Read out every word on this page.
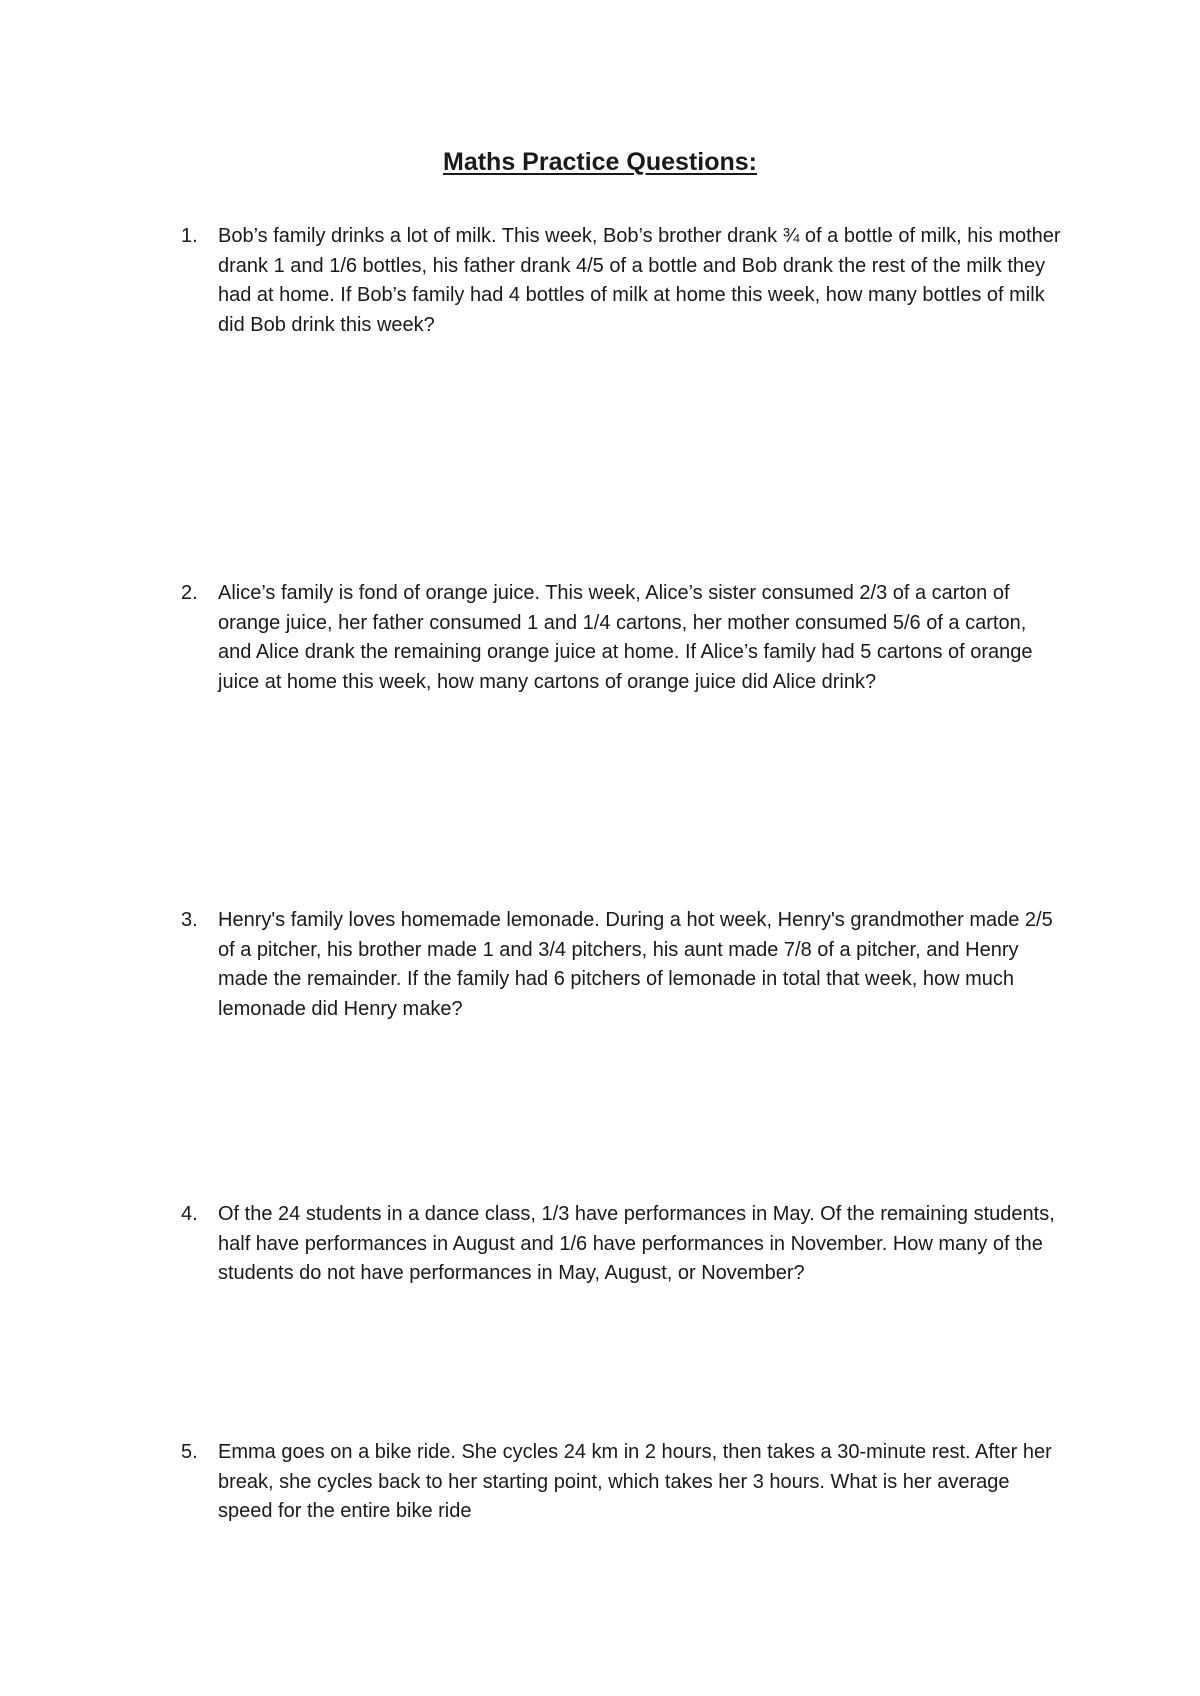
Maths Practice Questions:
1.	Bob’s family drinks a lot of milk. This week, Bob’s brother drank ¾ of a bottle of milk, his mother drank 1 and 1/6 bottles, his father drank 4/5 of a bottle and Bob drank the rest of the milk they had at home. If Bob’s family had 4 bottles of milk at home this week, how many bottles of milk did Bob drink this week?

2.	Alice’s family is fond of orange juice. This week, Alice’s sister consumed 2/3 of a carton of orange juice, her father consumed 1 and 1/4 cartons, her mother consumed 5/6 of a carton, and Alice drank the remaining orange juice at home. If Alice’s family had 5 cartons of orange juice at home this week, how many cartons of orange juice did Alice drink?

3.	Henry's family loves homemade lemonade. During a hot week, Henry's grandmother made 2/5 of a pitcher, his brother made 1 and 3/4 pitchers, his aunt made 7/8 of a pitcher, and Henry made the remainder. If the family had 6 pitchers of lemonade in total that week, how much lemonade did Henry make?

4.	Of the 24 students in a dance class, 1/3 have performances in May. Of the remaining students, half have performances in August and 1/6 have performances in November. How many of the students do not have performances in May, August, or November?

5.	Emma goes on a bike ride. She cycles 24 km in 2 hours, then takes a 30-minute rest. After her break, she cycles back to her starting point, which takes her 3 hours. What is her average speed for the entire bike ride
